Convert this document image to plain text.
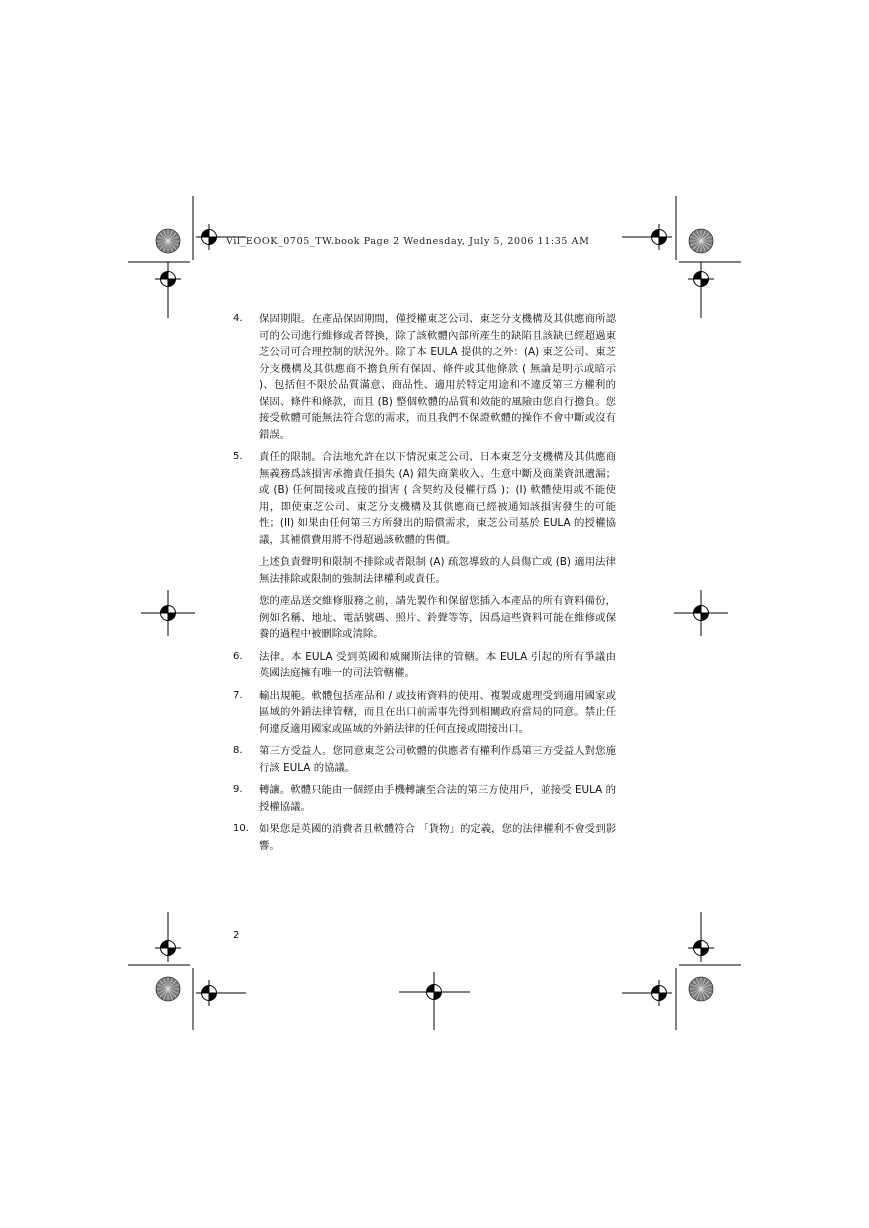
Vil_EOOK_0705_TW.book Page 2 Wednesday, July 5, 2006 11:35 AM
4. 保固期限。在產品保固期間，僅授權東芝公司、東芝分支機構及其供應商所認可的公司進行維修或者替換，除了該軟體內部所產生的缺陷且該缺已經超過東芝公司可合理控制的狀況外。除了本 EULA 提供的之外：(A) 東芝公司、東芝分支機構及其供應商不擔負所有保固、條件或其他條款 ( 無論是明示或暗示 )、包括但不限於品質滿意、商品性、適用於特定用途和不違反第三方權利的保固、條件和條款，而且 (B) 整個軟體的品質和效能的風險由您自行擔負。您接受軟體可能無法符合您的需求，而且我們不保證軟體的操作不會中斷或沒有錯誤。
5. 責任的限制。合法地允許在以下情況東芝公司、日本東芝分支機構及其供應商無義務爲該損害承擔責任損失 (A) 錯失商業收入、生意中斷及商業資訊遺漏；或 (B) 任何間接或直接的損害 ( 含契約及侵權行爲 )；(I) 軟體使用或不能使用，即使東芝公司、東芝分支機構及其供應商已經被通知該損害發生的可能性；(II) 如果由任何第三方所發出的賠償需求，東芝公司基於 EULA 的授權協議，其補償費用將不得超過該軟體的售價。
上述負責聲明和限制不排除或者限制 (A) 疏忽導致的人員傷亡或 (B) 適用法律無法排除或限制的強制法律權利或責任。
您的產品送交維修服務之前，請先製作和保留您插入本產品的所有資料備份，例如名稱、地址、電話號碼、照片、鈴聲等等，因爲這些資料可能在維修或保養的過程中被刪除或清除。
6. 法律。本 EULA 受到英國和威爾斯法律的管轄。本 EULA 引起的所有爭議由英國法庭擁有唯一的司法管轄權。
7. 輸出規範。軟體包括產品和 / 或技術資料的使用、複製或處理受到適用國家或區域的外銷法律管轄，而且在出口前需事先得到相關政府當局的同意。禁止任何違反適用國家或區域的外銷法律的任何直接或間接出口。
8. 第三方受益人。您同意東芝公司軟體的供應者有權利作爲第三方受益人對您施行該 EULA 的協議。
9. 轉讓。軟體只能由一個經由手機轉讓至合法的第三方使用戶，並接受 EULA 的授權協議。
10. 如果您是英國的消費者且軟體符合 「貨物」的定義，您的法律權利不會受到影響。
2
